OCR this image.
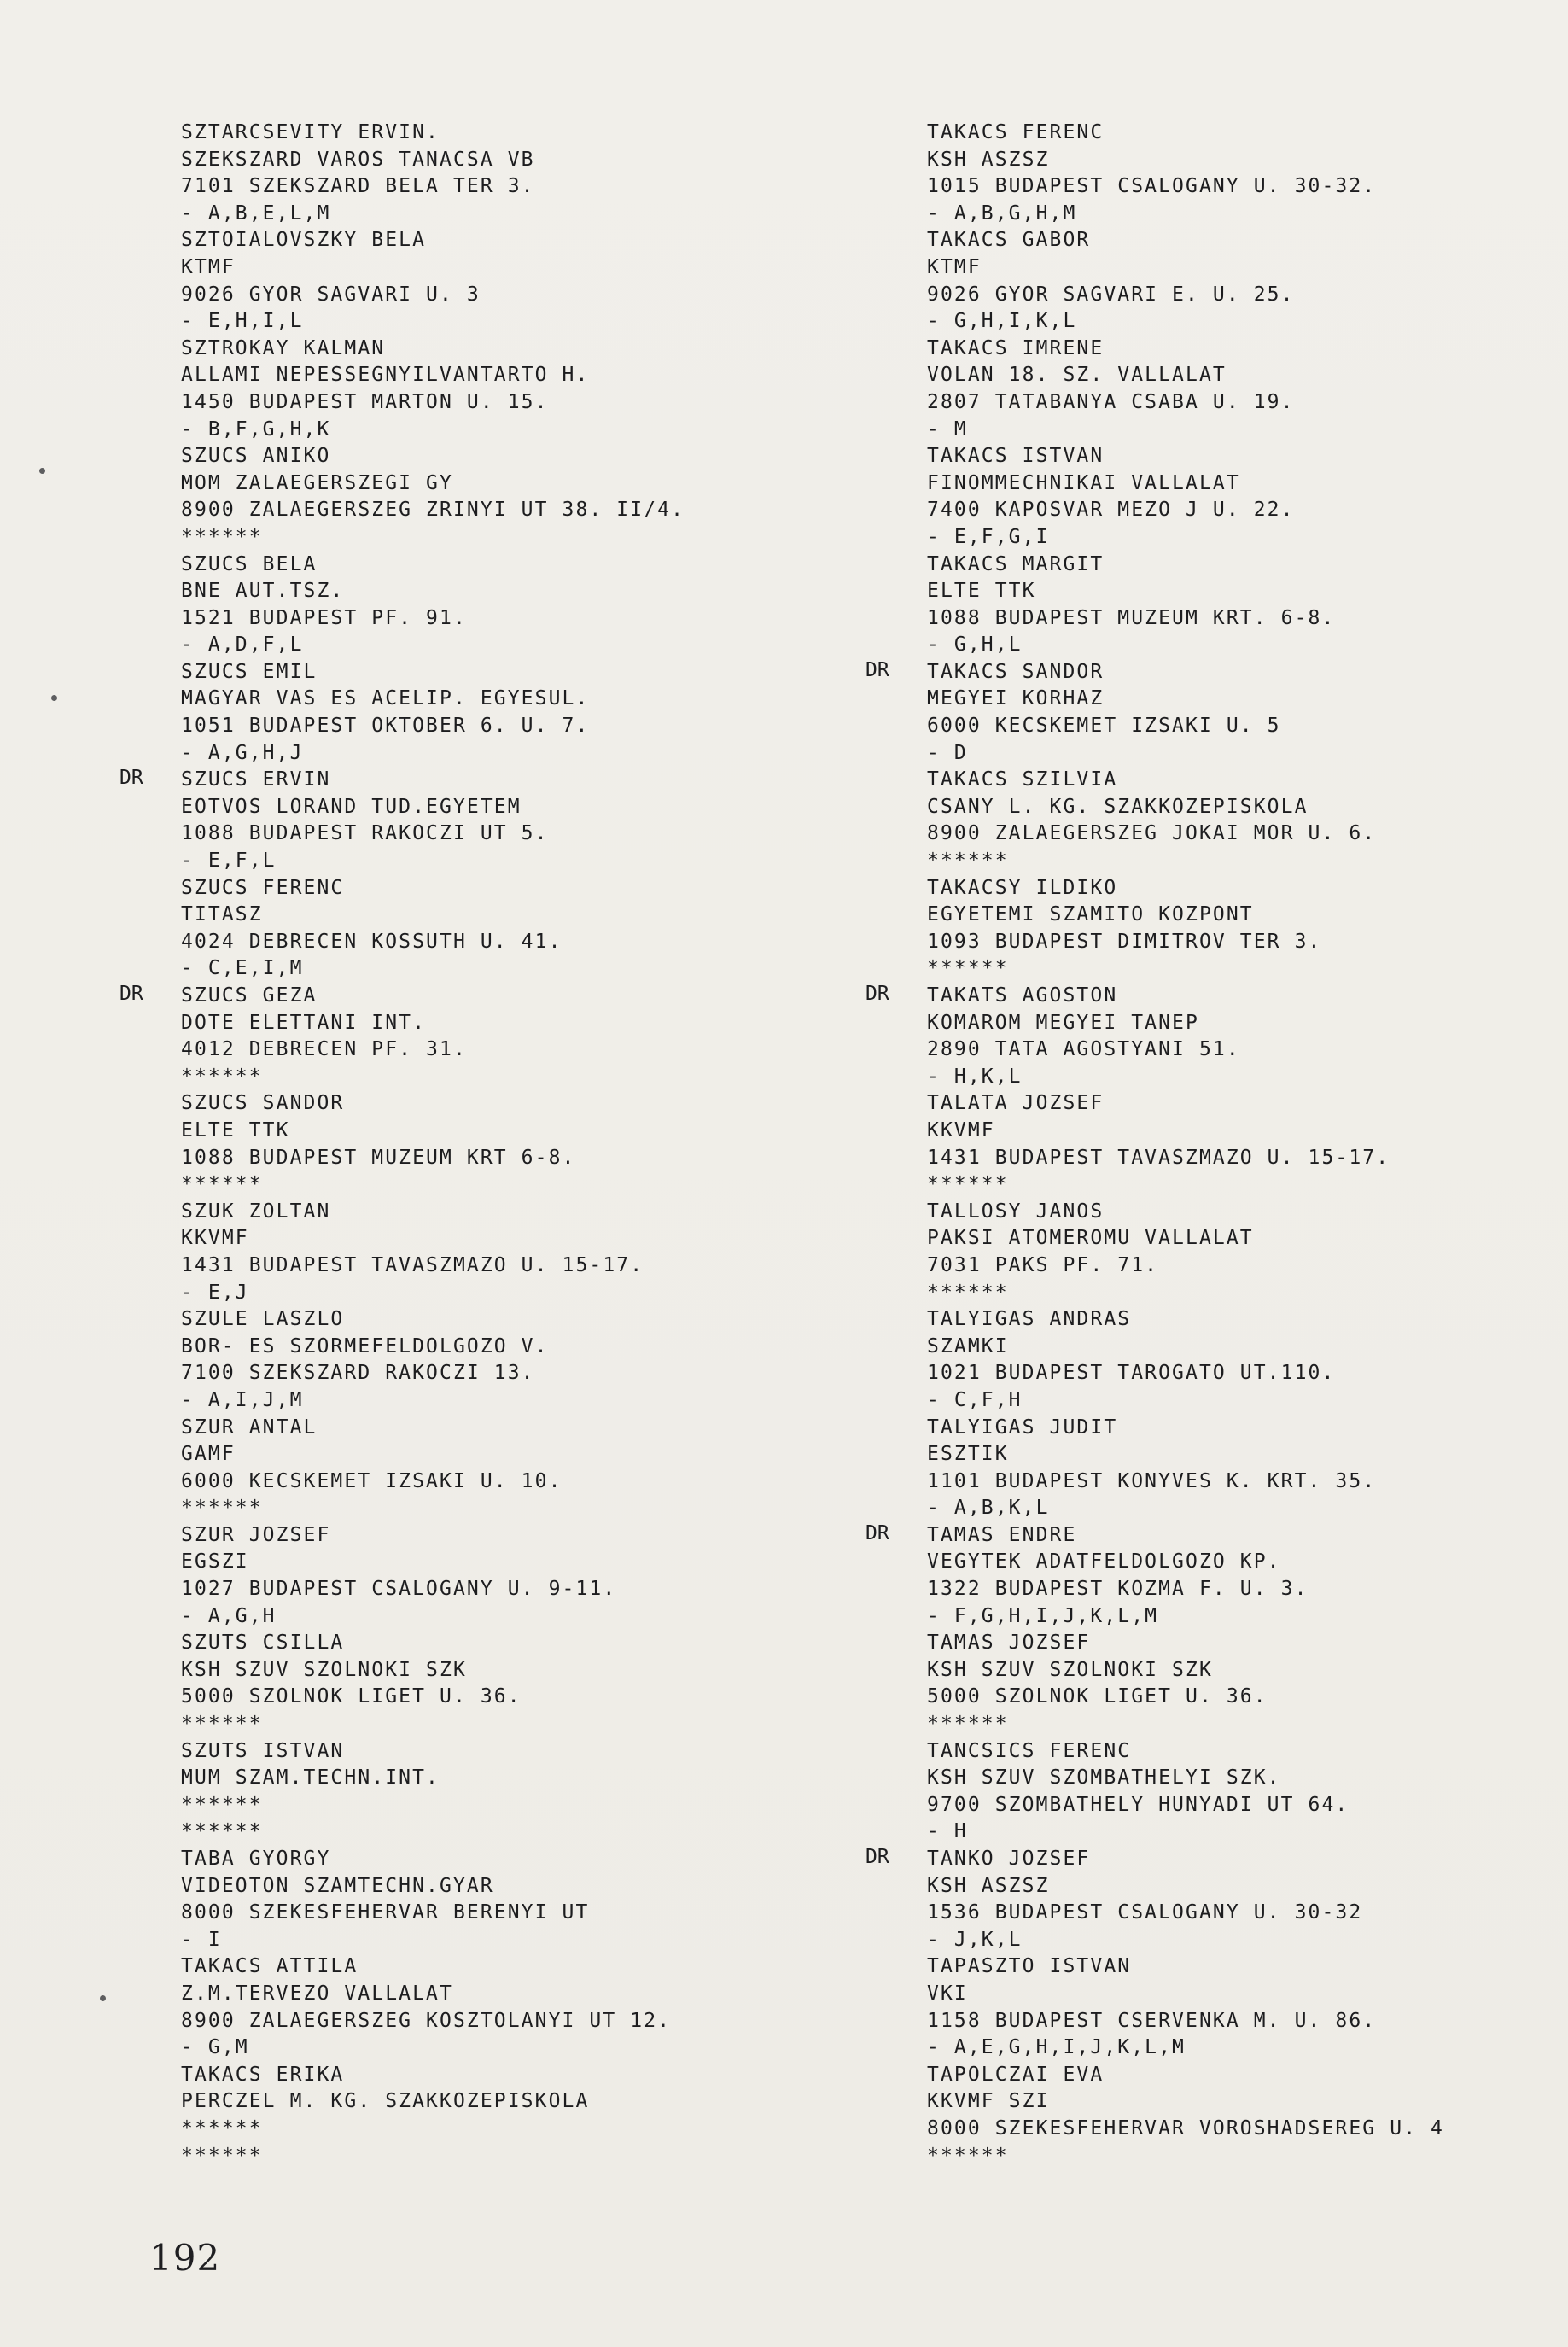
SZTARCSEVITY ERVIN.
SZEKSZARD VAROS TANACSA VB
7101 SZEKSZARD BELA TER 3.
- A,B,E,L,M
SZTOIALOVSZKY BELA
KTMF
9026 GYOR SAGVARI U. 3
- E,H,I,L
SZTROKAY KALMAN
ALLAMI NEPESSEGNYILVANTARTO H.
1450 BUDAPEST MARTON U. 15.
- B,F,G,H,K
SZUCS ANIKO
MOM ZALAEGERSZEGI GY
8900 ZALAEGERSZEG ZRINYI UT 38. II/4.
******
SZUCS BELA
BNE AUT.TSZ.
1521 BUDAPEST PF. 91.
- A,D,F,L
SZUCS EMIL
MAGYAR VAS ES ACELIP. EGYESUL.
1051 BUDAPEST OKTOBER 6. U. 7.
- A,G,H,J
DR	SZUCS ERVIN
EOTVOS LORAND TUD.EGYETEM
1088 BUDAPEST RAKOCZI UT 5.
- E,F,L
SZUCS FERENC
TITASZ
4024 DEBRECEN KOSSUTH U. 41.
- C,E,I,M
DR	SZUCS GEZA
DOTE ELETTANI INT.
4012 DEBRECEN PF. 31.
******
SZUCS SANDOR
ELTE TTK
1088 BUDAPEST MUZEUM KRT 6-8.
******
SZUK ZOLTAN
KKVMF
1431 BUDAPEST TAVASZMAZO U. 15-17.
- E,J
SZULE LASZLO
BOR- ES SZORMEFELDOLGOZO V.
7100 SZEKSZARD RAKOCZI 13.
- A,I,J,M
SZUR ANTAL
GAMF
6000 KECSKEMET IZSAKI U. 10.
******
SZUR JOZSEF
EGSZI
1027 BUDAPEST CSALOGANY U. 9-11.
- A,G,H
SZUTS CSILLA
KSH SZUV SZOLNOKI SZK
5000 SZOLNOK LIGET U. 36.
******
SZUTS ISTVAN
MUM SZAM.TECHN.INT.
******
******
TABA GYORGY
VIDEOTON SZAMTECHN.GYAR
8000 SZEKESFEHERVAR BERENYI UT
- I
TAKACS ATTILA
Z.M.TERVEZO VALLALAT
8900 ZALAEGERSZEG KOSZTOLANYI UT 12.
- G,M
TAKACS ERIKA
PERCZEL M. KG. SZAKKOZEPISKOLA
******
******
TAKACS FERENC
KSH ASZSZ
1015 BUDAPEST CSALOGANY U. 30-32.
- A,B,G,H,M
TAKACS GABOR
KTMF
9026 GYOR SAGVARI E. U. 25.
- G,H,I,K,L
TAKACS IMRENE
VOLAN 18. SZ. VALLALAT
2807 TATABANYA CSABA U. 19.
- M
TAKACS ISTVAN
FINOMMECHNIKAI VALLALAT
7400 KAPOSVAR MEZO J U. 22.
- E,F,G,I
TAKACS MARGIT
ELTE TTK
1088 BUDAPEST MUZEUM KRT. 6-8.
- G,H,L
DR	TAKACS SANDOR
MEGYEI KORHAZ
6000 KECSKEMET IZSAKI U. 5
- D
TAKACS SZILVIA
CSANY L. KG. SZAKKOZEPISKOLA
8900 ZALAEGERSZEG JOKAI MOR U. 6.
******
TAKACSY ILDIKO
EGYETEMI SZAMITO KOZPONT
1093 BUDAPEST DIMITROV TER 3.
******
DR	TAKATS AGOSTON
KOMAROM MEGYEI TANEP
2890 TATA AGOSTYANI 51.
- H,K,L
TALATA JOZSEF
KKVMF
1431 BUDAPEST TAVASZMAZO U. 15-17.
******
TALLOSY JANOS
PAKSI ATOMEROMU VALLALAT
7031 PAKS PF. 71.
******
TALYIGAS ANDRAS
SZAMKI
1021 BUDAPEST TAROGATO UT.110.
- C,F,H
TALYIGAS JUDIT
ESZTIK
1101 BUDAPEST KONYVES K. KRT. 35.
- A,B,K,L
DR	TAMAS ENDRE
VEGYTEK ADATFELDOLGOZO KP.
1322 BUDAPEST KOZMA F. U. 3.
- F,G,H,I,J,K,L,M
TAMAS JOZSEF
KSH SZUV SZOLNOKI SZK
5000 SZOLNOK LIGET U. 36.
******
TANCSICS FERENC
KSH SZUV SZOMBATHELYI SZK.
9700 SZOMBATHELY HUNYADI UT 64.
- H
DR	TANKO JOZSEF
KSH ASZSZ
1536 BUDAPEST CSALOGANY U. 30-32
- J,K,L
TAPASZTO ISTVAN
VKI
1158 BUDAPEST CSERVENKA M. U. 86.
- A,E,G,H,I,J,K,L,M
TAPOLCZAI EVA
KKVMF SZI
8000 SZEKESFEHERVAR VOROSHADSEREG U. 4
******
192
